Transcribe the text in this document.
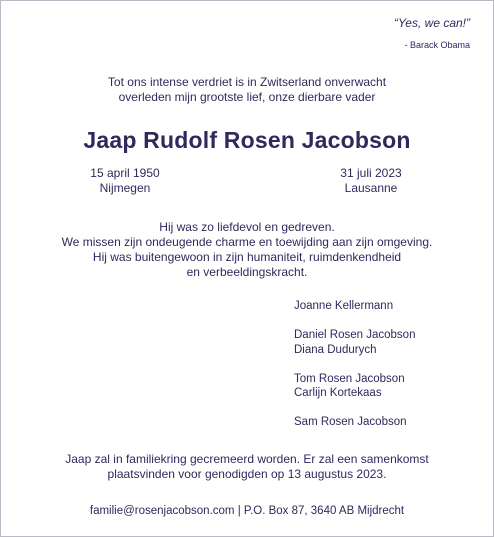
“Yes, we can!”
- Barack Obama
Tot ons intense verdriet is in Zwitserland onverwacht
overleden mijn grootste lief, onze dierbare vader
Jaap Rudolf Rosen Jacobson
15 april 1950
Nijmegen
31 juli 2023
Lausanne
Hij was zo liefdevol en gedreven.
We missen zijn ondeugende charme en toewijding aan zijn omgeving.
Hij was buitengewoon in zijn humaniteit, ruimdenkendheid
en verbeeldingskracht.
Joanne Kellermann
Daniel Rosen Jacobson
Diana Dudurych
Tom Rosen Jacobson
Carlijn Kortekaas
Sam Rosen Jacobson
Jaap zal in familiekring gecremeerd worden. Er zal een samenkomst
plaatsvinden voor genodigden op 13 augustus 2023.
familie@rosenjacobson.com | P.O. Box 87, 3640 AB Mijdrecht
